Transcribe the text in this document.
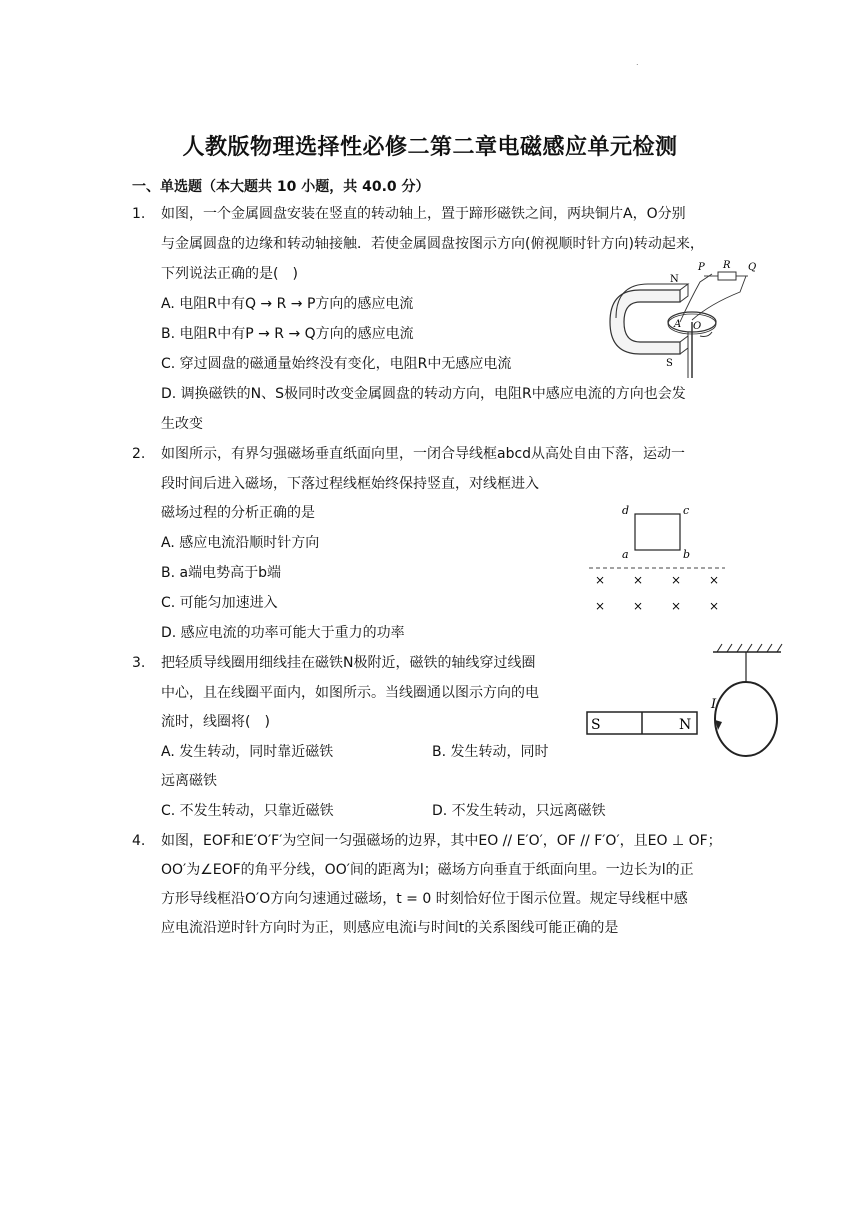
.
人教版物理选择性必修二第二章电磁感应单元检测
一、单选题（本大题共 10 小题，共 40.0 分）
1. 如图，一个金属圆盘安装在竖直的转动轴上，置于蹄形磁铁之间，两块铜片A，O分别
与金属圆盘的边缘和转动轴接触．若使金属圆盘按图示方向(俯视顺时针方向)转动起来，
下列说法正确的是(　)
A. 电阻R中有Q → R → P方向的感应电流
B. 电阻R中有P → R → Q方向的感应电流
C. 穿过圆盘的磁通量始终没有变化，电阻R中无感应电流
D. 调换磁铁的N、S极同时改变金属圆盘的转动方向，电阻R中感应电流的方向也会发
生改变
N
S
A O
P R Q
2. 如图所示，有界匀强磁场垂直纸面向里，一闭合导线框abcd从高处自由下落，运动一
段时间后进入磁场，下落过程线框始终保持竖直，对线框进入
磁场过程的分析正确的是
A. 感应电流沿顺时针方向
B. a端电势高于b端
C. 可能匀加速进入
D. 感应电流的功率可能大于重力的功率
d	c
a	b
× × × ×
× × × ×
3. 把轻质导线圈用细线挂在磁铁N极附近，磁铁的轴线穿过线圈
中心，且在线圈平面内，如图所示。当线圈通以图示方向的电
流时，线圈将(　)
A. 发生转动，同时靠近磁铁	B. 发生转动，同时
远离磁铁
C. 不发生转动，只靠近磁铁	D. 不发生转动，只远离磁铁
I
S	N
4. 如图，EOF和E′O′F′为空间一匀强磁场的边界，其中EO // E′O′，OF // F′O′，且EO ⊥ OF；
OO′为∠EOF的角平分线，OO′间的距离为l；磁场方向垂直于纸面向里。一边长为l的正
方形导线框沿O′O方向匀速通过磁场，t = 0 时刻恰好位于图示位置。规定导线框中感
应电流沿逆时针方向时为正，则感应电流i与时间t的关系图线可能正确的是
